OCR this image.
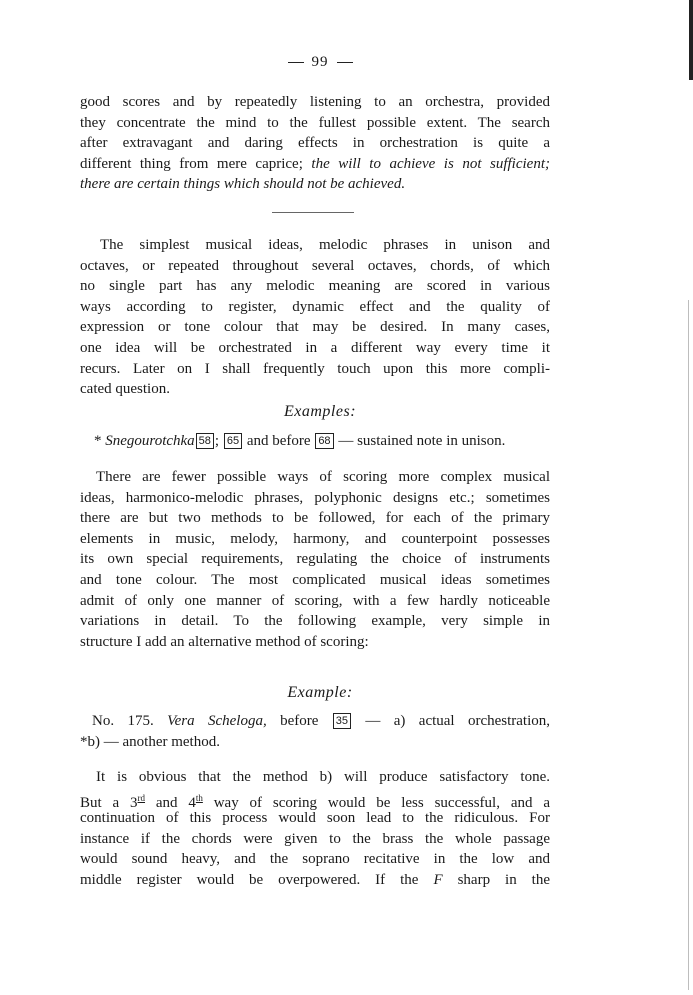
99
good scores and by repeatedly listening to an orchestra, provided
they concentrate the mind to the fullest possible extent. The search
after extravagant and daring effects in orchestration is quite a
different thing from mere caprice; the will to achieve is not sufficient;
there are certain things which should not be achieved.
The simplest musical ideas, melodic phrases in unison and
octaves, or repeated throughout several octaves, chords, of which
no single part has any melodic meaning are scored in various
ways according to register, dynamic effect and the quality of
expression or tone colour that may be desired. In many cases,
one idea will be orchestrated in a different way every time it
recurs. Later on I shall frequently touch upon this more compli-
cated question.
Examples:
* Snegourotchka 58 ; 65 and before 68 — sustained note in unison.
There are fewer possible ways of scoring more complex musical
ideas, harmonico-melodic phrases, polyphonic designs etc.; sometimes
there are but two methods to be followed, for each of the primary
elements in music, melody, harmony, and counterpoint possesses
its own special requirements, regulating the choice of instruments
and tone colour. The most complicated musical ideas sometimes
admit of only one manner of scoring, with a few hardly noticeable
variations in detail. To the following example, very simple in
structure I add an alternative method of scoring:
Example:
No. 175. Vera Scheloga, before 35 — a) actual orchestration,
*b) — another method.
It is obvious that the method b) will produce satisfactory tone.
But a 3rd and 4th way of scoring would be less successful, and a
continuation of this process would soon lead to the ridiculous. For
instance if the chords were given to the brass the whole passage
would sound heavy, and the soprano recitative in the low and
middle register would be overpowered. If the F sharp in the
